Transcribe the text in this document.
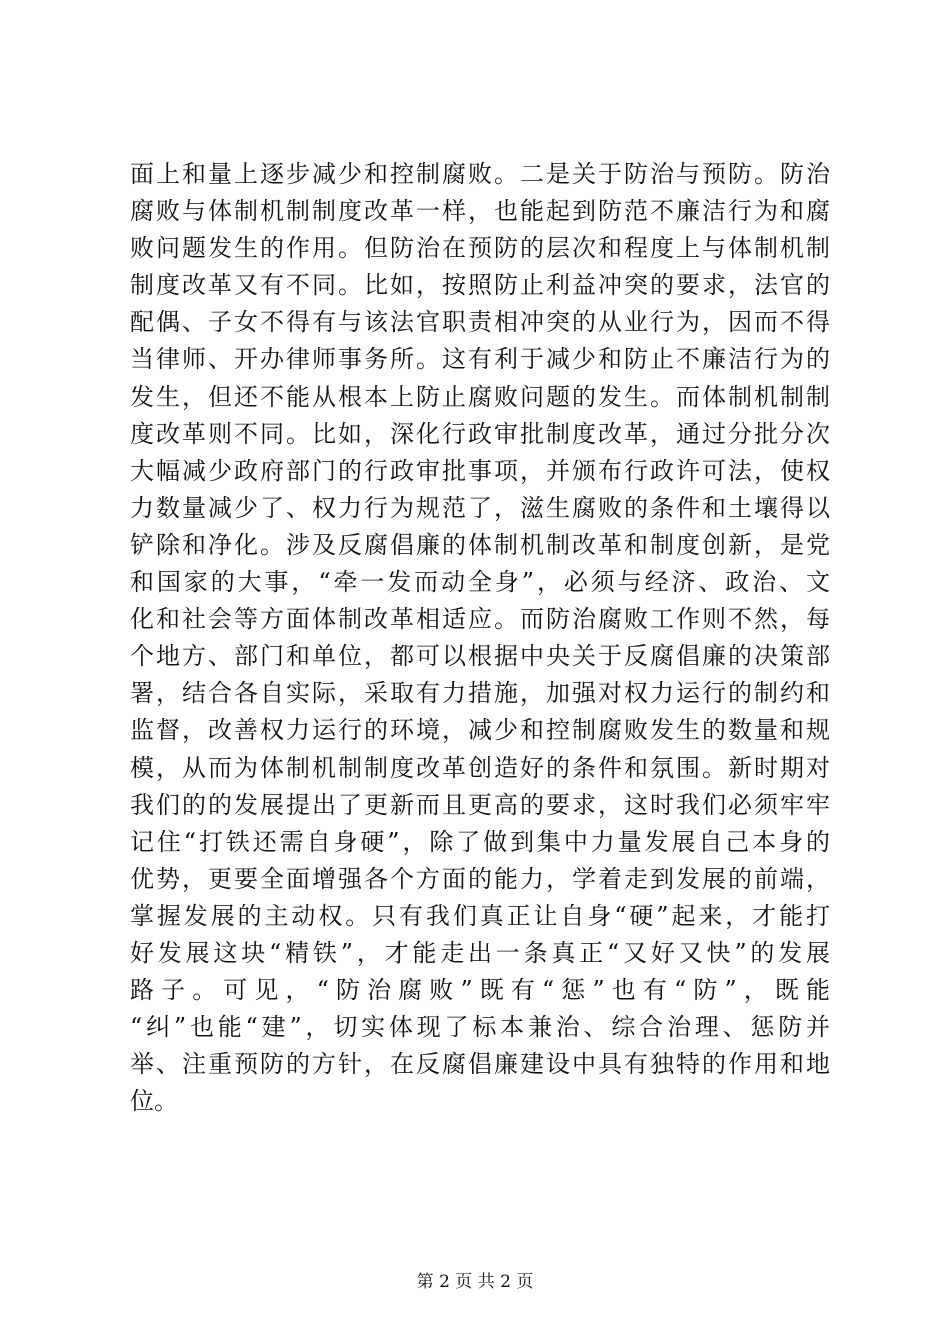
面上和量上逐步减少和控制腐败。二是关于防治与预防。防治
腐败与体制机制制度改革一样，也能起到防范不廉洁行为和腐
败问题发生的作用。但防治在预防的层次和程度上与体制机制
制度改革又有不同。比如，按照防止利益冲突的要求，法官的
配偶、子女不得有与该法官职责相冲突的从业行为，因而不得
当律师、开办律师事务所。这有利于减少和防止不廉洁行为的
发生，但还不能从根本上防止腐败问题的发生。而体制机制制
度改革则不同。比如，深化行政审批制度改革，通过分批分次
大幅减少政府部门的行政审批事项，并颁布行政许可法，使权
力数量减少了、权力行为规范了，滋生腐败的条件和土壤得以
铲除和净化。涉及反腐倡廉的体制机制改革和制度创新，是党
和国家的大事，“牵一发而动全身”，必须与经济、政治、文
化和社会等方面体制改革相适应。而防治腐败工作则不然，每
个地方、部门和单位，都可以根据中央关于反腐倡廉的决策部
署，结合各自实际，采取有力措施，加强对权力运行的制约和
监督，改善权力运行的环境，减少和控制腐败发生的数量和规
模，从而为体制机制制度改革创造好的条件和氛围。新时期对
我们的的发展提出了更新而且更高的要求，这时我们必须牢牢
记住“打铁还需自身硬”，除了做到集中力量发展自己本身的
优势，更要全面增强各个方面的能力，学着走到发展的前端，
掌握发展的主动权。只有我们真正让自身“硬”起来，才能打
好发展这块“精铁”，才能走出一条真正“又好又快”的发展
路子。可见，“防治腐败”既有“惩”也有“防”，既能
“纠”也能“建”，切实体现了标本兼治、综合治理、惩防并
举、注重预防的方针，在反腐倡廉建设中具有独特的作用和地
位。
第 2 页 共 2 页
